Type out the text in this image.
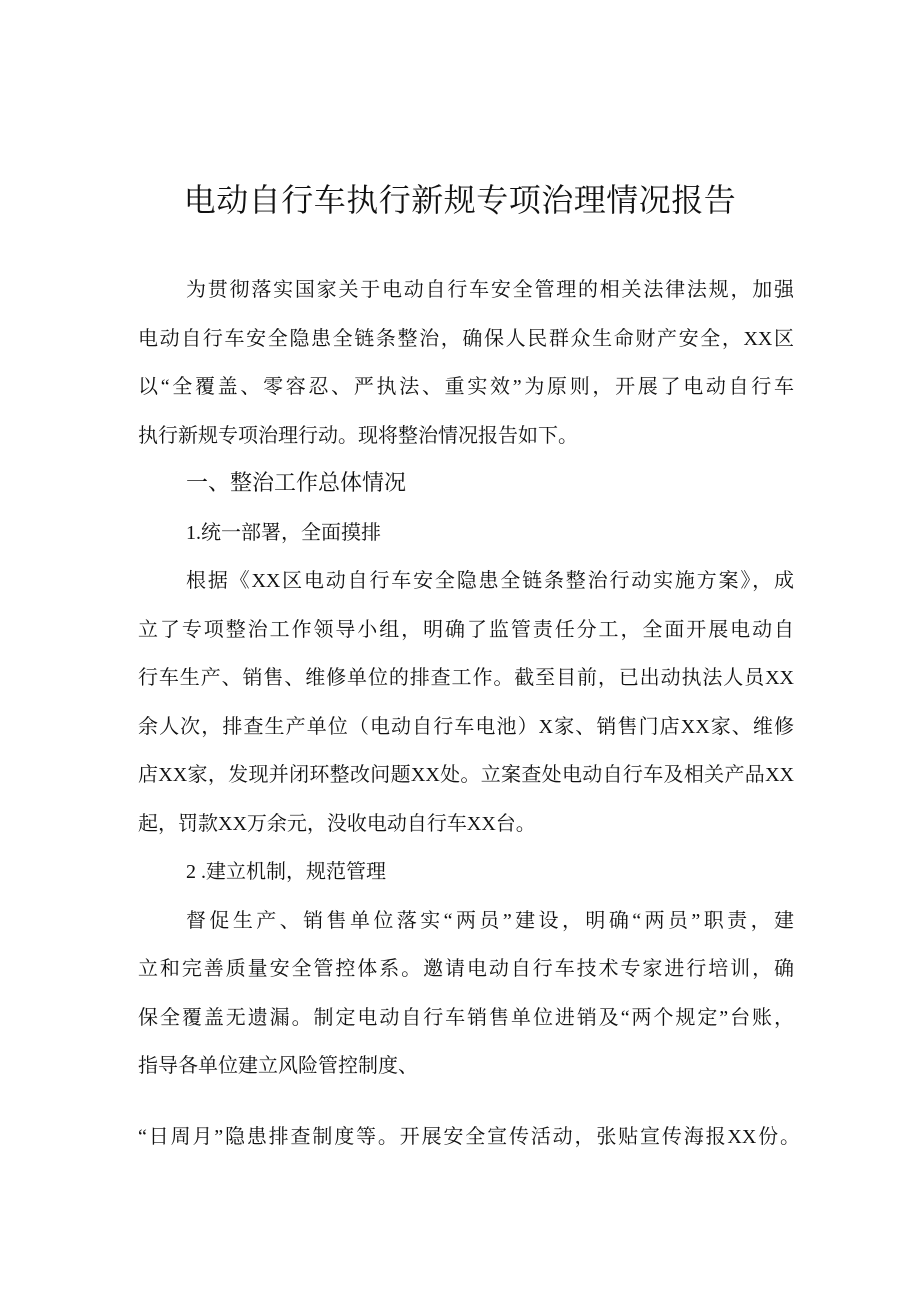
电动自行车执行新规专项治理情况报告
为贯彻落实国家关于电动自行车安全管理的相关法律法规，加强
电动自行车安全隐患全链条整治，确保人民群众生命财产安全，XX区
以“全覆盖、零容忍、严执法、重实效”为原则，开展了电动自行车
执行新规专项治理行动。现将整治情况报告如下。
一、整治工作总体情况
1.统一部署，全面摸排
根据《XX区电动自行车安全隐患全链条整治行动实施方案》，成
立了专项整治工作领导小组，明确了监管责任分工，全面开展电动自
行车生产、销售、维修单位的排查工作。截至目前，已出动执法人员XX
余人次，排查生产单位（电动自行车电池）X家、销售门店XX家、维修
店XX家，发现并闭环整改问题XX处。立案查处电动自行车及相关产品XX
起，罚款XX万余元，没收电动自行车XX台。
2 .建立机制，规范管理
督促生产、销售单位落实“两员”建设，明确“两员”职责，建
立和完善质量安全管控体系。邀请电动自行车技术专家进行培训，确
保全覆盖无遗漏。制定电动自行车销售单位进销及“两个规定”台账，
指导各单位建立风险管控制度、
“日周月”隐患排查制度等。开展安全宣传活动，张贴宣传海报XX份。
